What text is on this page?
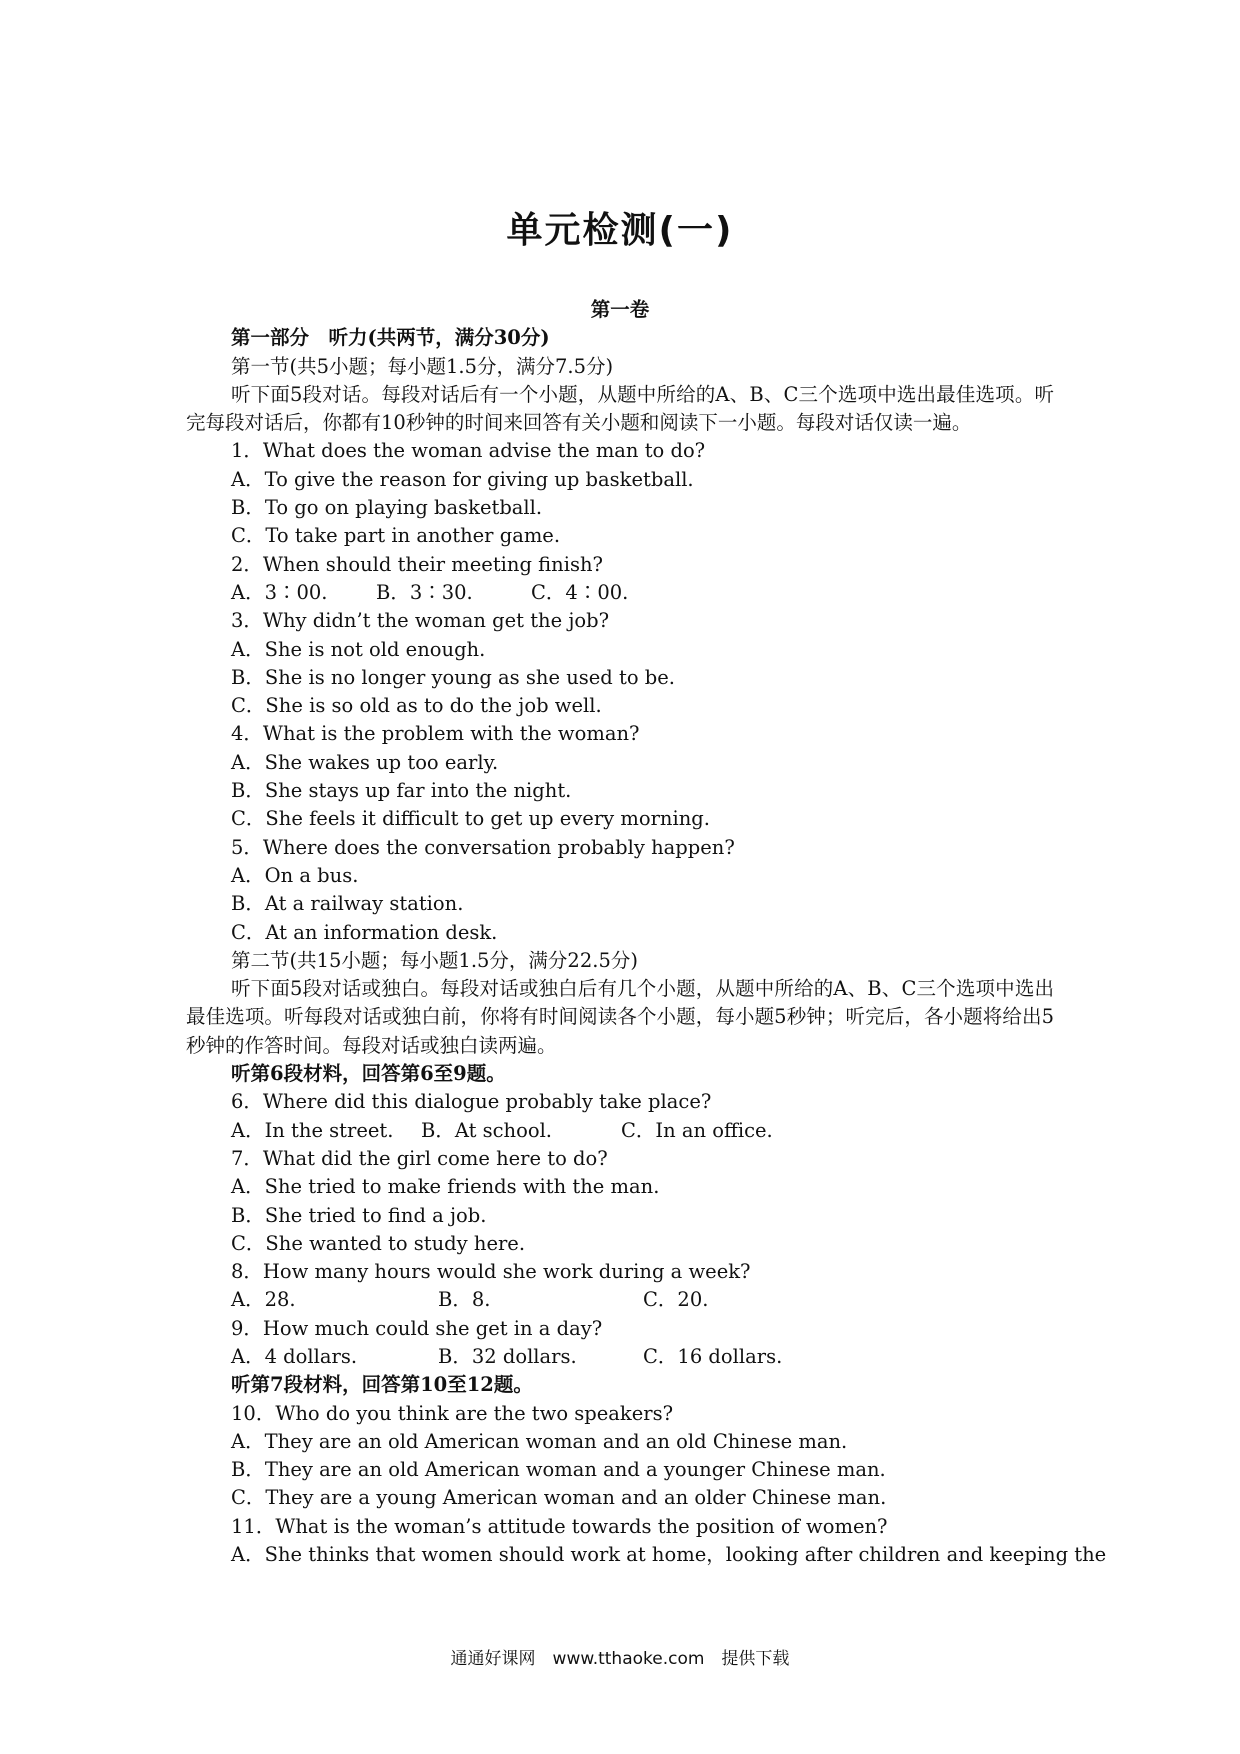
单元检测(一)
第一卷
第一部分　听力(共两节，满分30分)
第一节(共5小题；每小题1.5分，满分7.5分)
听下面5段对话。每段对话后有一个小题，从题中所给的A、B、C三个选项中选出最佳选项。听完每段对话后，你都有10秒钟的时间来回答有关小题和阅读下一小题。每段对话仅读一遍。
1．What does the woman advise the man to do?
A．To give the reason for giving up basketball.
B．To go on playing basketball.
C．To take part in another game.
2．When should their meeting finish?
A．3∶00.	B．3∶30.	C．4∶00.
3．Why didn’t the woman get the job?
A．She is not old enough.
B．She is no longer young as she used to be.
C．She is so old as to do the job well.
4．What is the problem with the woman?
A．She wakes up too early.
B．She stays up far into the night.
C．She feels it difficult to get up every morning.
5．Where does the conversation probably happen?
A．On a bus.
B．At a railway station.
C．At an information desk.
第二节(共15小题；每小题1.5分，满分22.5分)
听下面5段对话或独白。每段对话或独白后有几个小题，从题中所给的A、B、C三个选项中选出最佳选项。听每段对话或独白前，你将有时间阅读各个小题，每小题5秒钟；听完后，各小题将给出5秒钟的作答时间。每段对话或独白读两遍。
听第6段材料，回答第6至9题。
6．Where did this dialogue probably take place?
A．In the street.	B．At school.	C．In an office.
7．What did the girl come here to do?
A．She tried to make friends with the man.
B．She tried to find a job.
C．She wanted to study here.
8．How many hours would she work during a week?
A．28.	B．8.	C．20.
9．How much could she get in a day?
A．4 dollars.	B．32 dollars.	C．16 dollars.
听第7段材料，回答第10至12题。
10．Who do you think are the two speakers?
A．They are an old American woman and an old Chinese man.
B．They are an old American woman and a younger Chinese man.
C．They are a young American woman and an older Chinese man.
11．What is the woman’s attitude towards the position of women?
A．She thinks that women should work at home，looking after children and keeping the
通通好课网　www.tthaoke.com　提供下载
